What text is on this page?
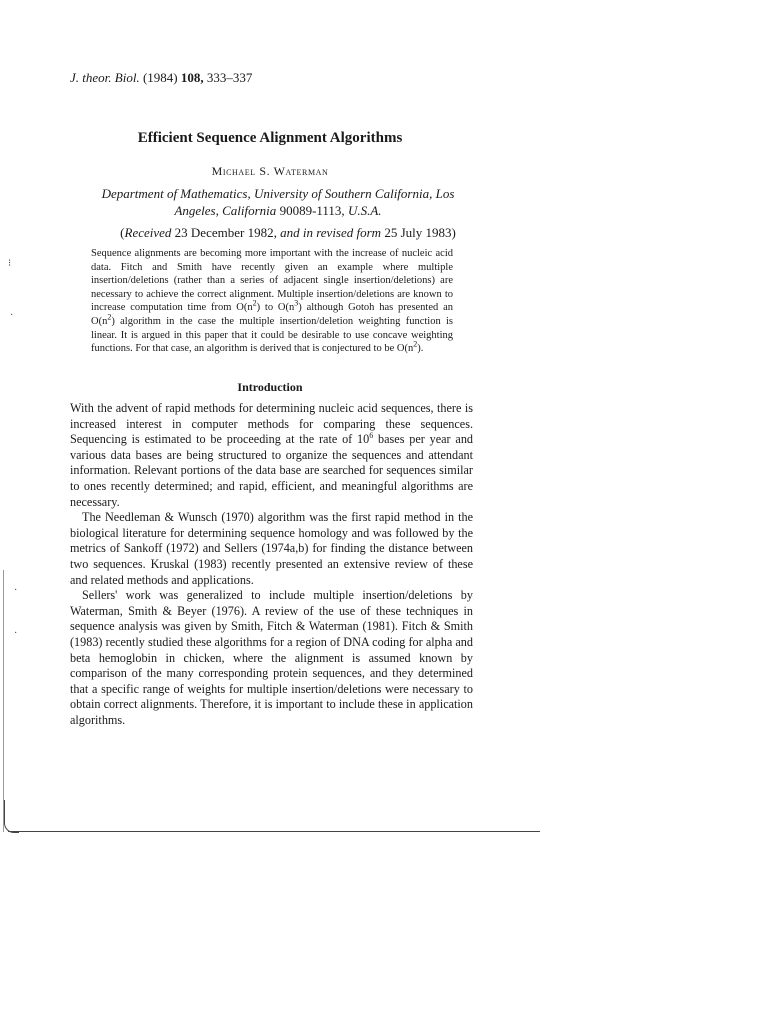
J. theor. Biol. (1984) 108, 333–337
Efficient Sequence Alignment Algorithms
Michael S. Waterman
Department of Mathematics, University of Southern California, Los Angeles, California 90089-1113, U.S.A.
(Received 23 December 1982, and in revised form 25 July 1983)
Sequence alignments are becoming more important with the increase of nucleic acid data. Fitch and Smith have recently given an example where multiple insertion/deletions (rather than a series of adjacent single insertion/deletions) are necessary to achieve the correct alignment. Multiple insertion/deletions are known to increase computation time from $O(n^2)$ to $O(n^3)$ although Gotoh has presented an $O(n^2)$ algorithm in the case the multiple insertion/deletion weighting function is linear. It is argued in this paper that it could be desirable to use concave weighting functions. For that case, an algorithm is derived that is conjectured to be $O(n^2)$.
Introduction

With the advent of rapid methods for determining nucleic acid sequences, there is increased interest in computer methods for comparing these sequences. Sequencing is estimated to be proceeding at the rate of $10^6$ bases per year and various data bases are being structured to organize the sequences and attendant information. Relevant portions of the data base are searched for sequences similar to ones recently determined; and rapid, efficient, and meaningful algorithms are necessary.

The Needleman & Wunsch (1970) algorithm was the first rapid method in the biological literature for determining sequence homology and was followed by the metrics of Sankoff (1972) and Sellers (1974a,b) for finding the distance between two sequences. Kruskal (1983) recently presented an extensive review of these and related methods and applications.

Sellers' work was generalized to include multiple insertion/deletions by Waterman, Smith & Beyer (1976). A review of the use of these techniques in sequence analysis was given by Smith, Fitch & Waterman (1981). Fitch & Smith (1983) recently studied these algorithms for a region of DNA coding for alpha and beta hemoglobin in chicken, where the alignment is assumed known by comparison of the many corresponding protein sequences, and they determined that a specific range of weights for multiple insertion/deletions were necessary to obtain correct alignments. Therefore, it is important to include these in application algorithms.

⁝
·
·
·
